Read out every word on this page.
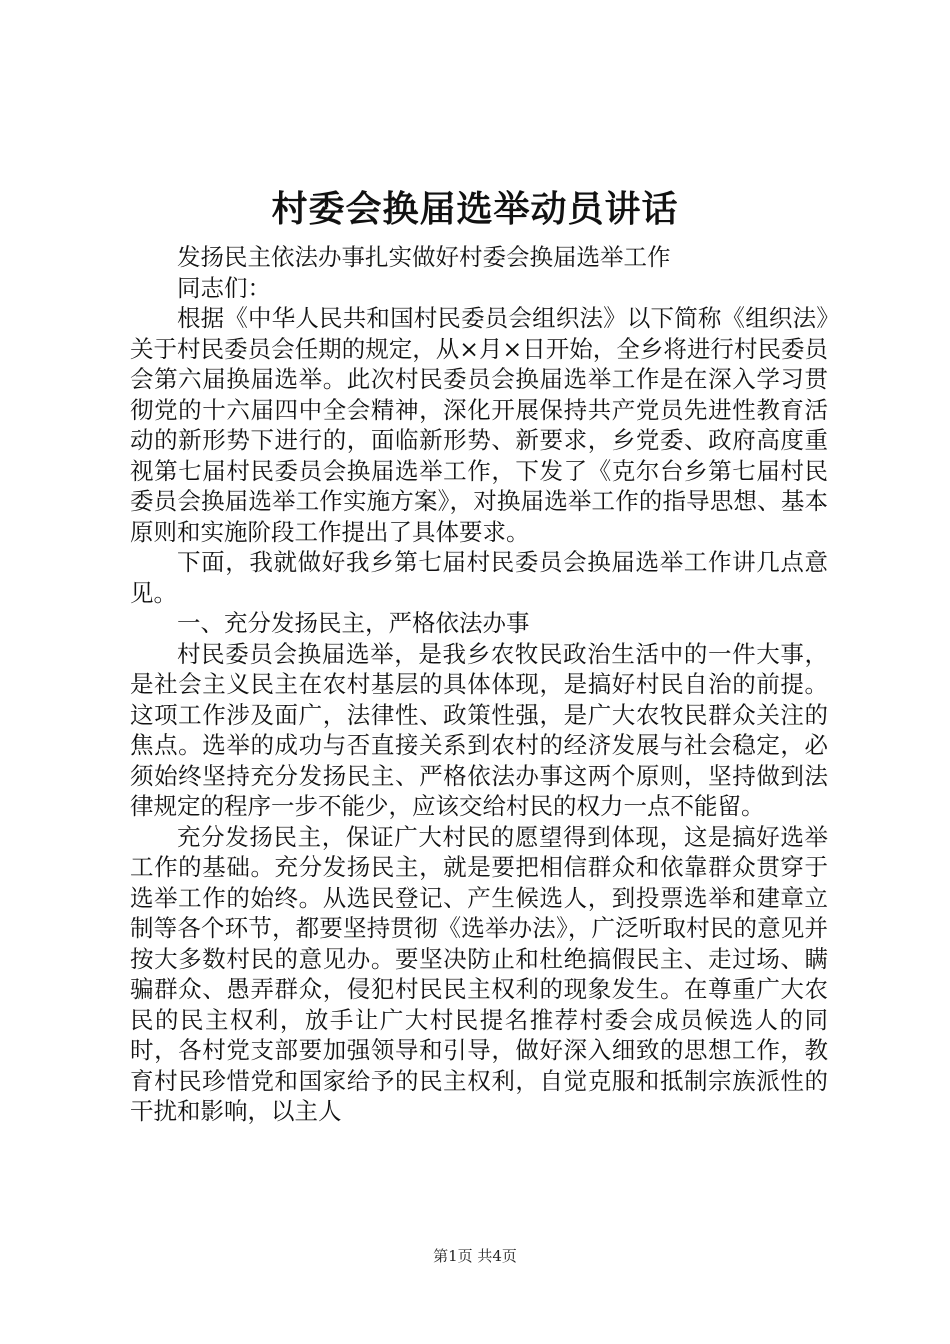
村委会换届选举动员讲话

发扬民主依法办事扎实做好村委会换届选举工作

同志们：

根据《中华人民共和国村民委员会组织法》以下简称《组织法》关于村民委员会任期的规定，从×月×日开始，全乡将进行村民委员会第六届换届选举。此次村民委员会换届选举工作是在深入学习贯彻党的十六届四中全会精神，深化开展保持共产党员先进性教育活动的新形势下进行的，面临新形势、新要求，乡党委、政府高度重视第七届村民委员会换届选举工作，下发了《克尔台乡第七届村民委员会换届选举工作实施方案》，对换届选举工作的指导思想、基本原则和实施阶段工作提出了具体要求。

下面，我就做好我乡第七届村民委员会换届选举工作讲几点意见。

一、充分发扬民主，严格依法办事

村民委员会换届选举，是我乡农牧民政治生活中的一件大事，是社会主义民主在农村基层的具体体现，是搞好村民自治的前提。这项工作涉及面广，法律性、政策性强，是广大农牧民群众关注的焦点。选举的成功与否直接关系到农村的经济发展与社会稳定，必须始终坚持充分发扬民主、严格依法办事这两个原则，坚持做到法律规定的程序一步不能少，应该交给村民的权力一点不能留。

充分发扬民主，保证广大村民的愿望得到体现，这是搞好选举工作的基础。充分发扬民主，就是要把相信群众和依靠群众贯穿于选举工作的始终。从选民登记、产生候选人，到投票选举和建章立制等各个环节，都要坚持贯彻《选举办法》，广泛听取村民的意见并按大多数村民的意见办。要坚决防止和杜绝搞假民主、走过场、瞒骗群众、愚弄群众，侵犯村民民主权利的现象发生。在尊重广大农民的民主权利，放手让广大村民提名推荐村委会成员候选人的同时，各村党支部要加强领导和引导，做好深入细致的思想工作，教育村民珍惜党和国家给予的民主权利，自觉克服和抵制宗族派性的干扰和影响，以主人

第1页 共4页
